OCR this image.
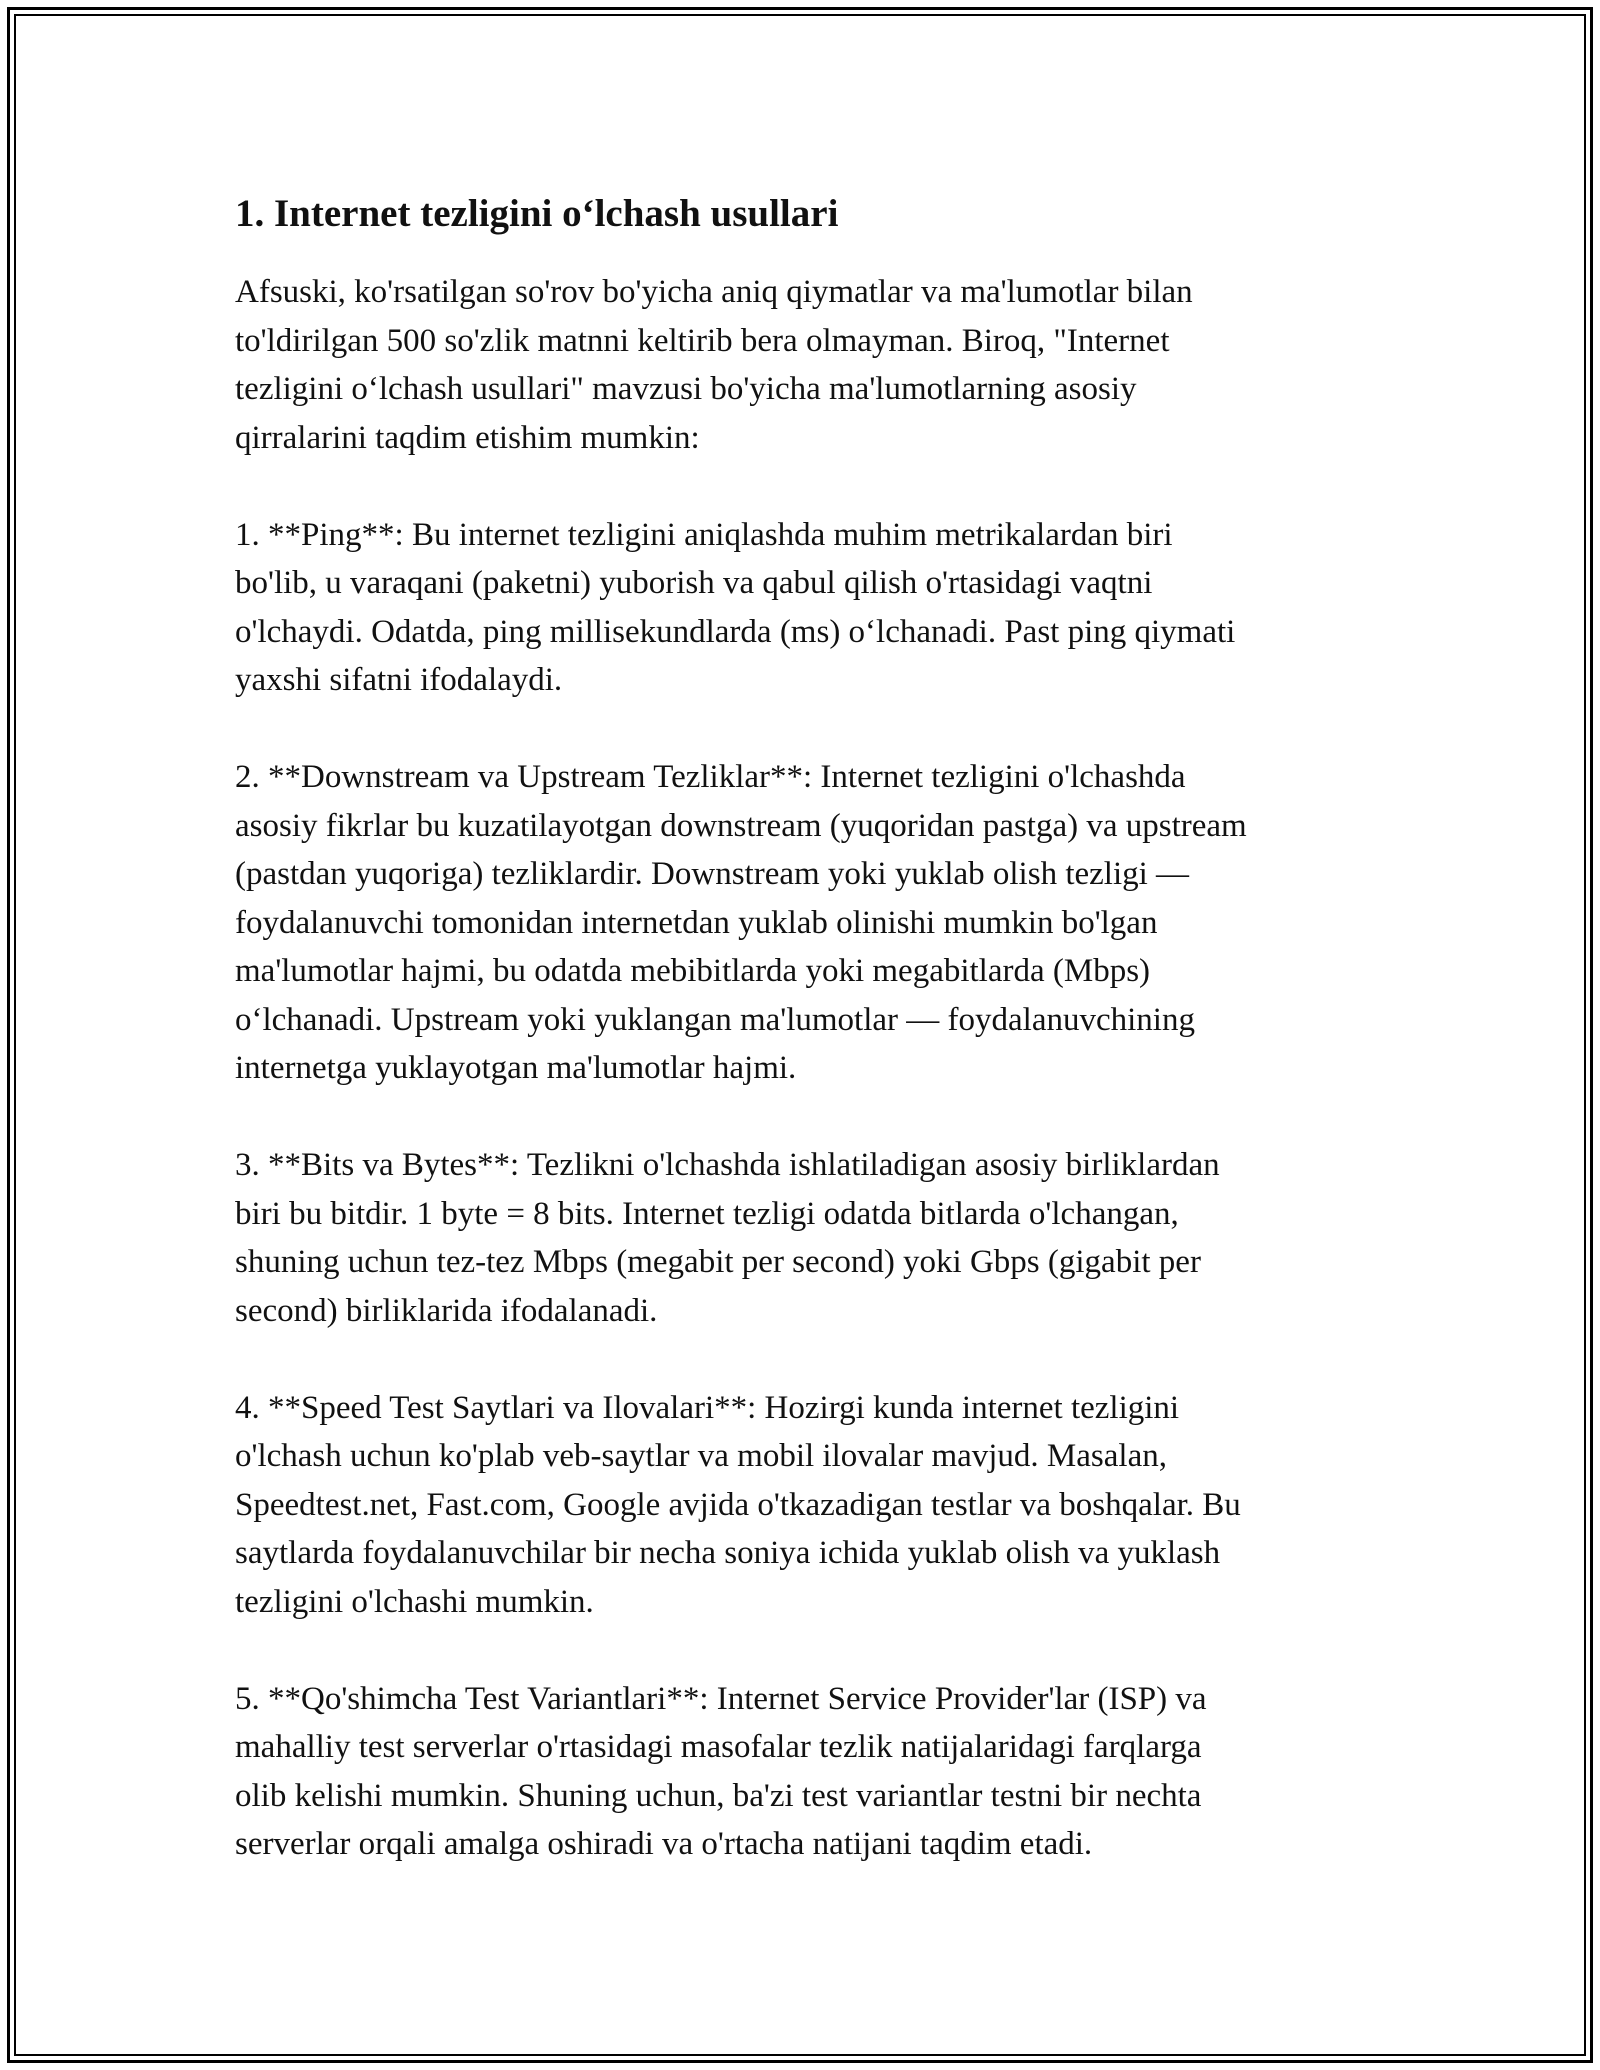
1. Internet tezligini o‘lchash usullari

Afsuski, ko'rsatilgan so'rov bo'yicha aniq qiymatlar va ma'lumotlar bilan
to'ldirilgan 500 so'zlik matnni keltirib bera olmayman. Biroq, "Internet
tezligini o‘lchash usullari" mavzusi bo'yicha ma'lumotlarning asosiy
qirralarini taqdim etishim mumkin:

1. **Ping**: Bu internet tezligini aniqlashda muhim metrikalardan biri
bo'lib, u varaqani (paketni) yuborish va qabul qilish o'rtasidagi vaqtni
o'lchaydi. Odatda, ping millisekundlarda (ms) o‘lchanadi. Past ping qiymati
yaxshi sifatni ifodalaydi.

2. **Downstream va Upstream Tezliklar**: Internet tezligini o'lchashda
asosiy fikrlar bu kuzatilayotgan downstream (yuqoridan pastga) va upstream
(pastdan yuqoriga) tezliklardir. Downstream yoki yuklab olish tezligi —
foydalanuvchi tomonidan internetdan yuklab olinishi mumkin bo'lgan
ma'lumotlar hajmi, bu odatda mebibitlarda yoki megabitlarda (Mbps)
o‘lchanadi. Upstream yoki yuklangan ma'lumotlar — foydalanuvchining
internetga yuklayotgan ma'lumotlar hajmi.

3. **Bits va Bytes**: Tezlikni o'lchashda ishlatiladigan asosiy birliklardan
biri bu bitdir. 1 byte = 8 bits. Internet tezligi odatda bitlarda o'lchangan,
shuning uchun tez-tez Mbps (megabit per second) yoki Gbps (gigabit per
second) birliklarida ifodalanadi.

4. **Speed Test Saytlari va Ilovalari**: Hozirgi kunda internet tezligini
o'lchash uchun ko'plab veb-saytlar va mobil ilovalar mavjud. Masalan,
Speedtest.net, Fast.com, Google avjida o'tkazadigan testlar va boshqalar. Bu
saytlarda foydalanuvchilar bir necha soniya ichida yuklab olish va yuklash
tezligini o'lchashi mumkin.

5. **Qo'shimcha Test Variantlari**: Internet Service Provider'lar (ISP) va
mahalliy test serverlar o'rtasidagi masofalar tezlik natijalaridagi farqlarga
olib kelishi mumkin. Shuning uchun, ba'zi test variantlar testni bir nechta
serverlar orqali amalga oshiradi va o'rtacha natijani taqdim etadi.
